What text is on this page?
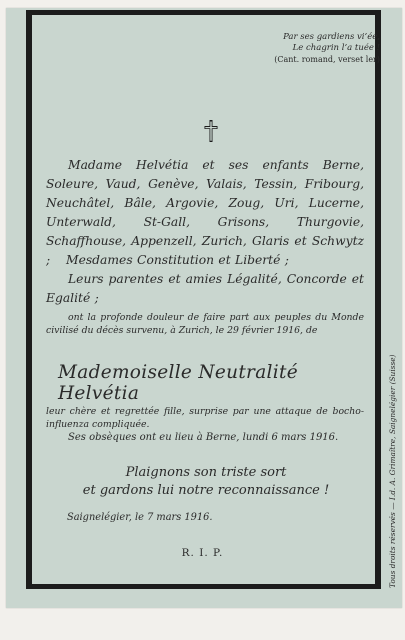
Par ses gardiens vi’ée,
Le chagrin l’a tuée !
(Cant. romand, verset ler)
Madame Helvétia et ses enfants Berne, Soleure, Vaud, Genève, Valais, Tessin, Fribourg, Neuchâtel, Bâle, Argovie, Zoug, Uri, Lucerne, Unterwald, St-Gall, Grisons, Thurgovie, Schaffhouse, Appenzell, Zurich, Glaris et Schwytz ;	Mesdames Constitution et Liberté ;
Leurs parentes et amies Légalité, Concorde et Egalité ;
ont la profonde douleur de faire part aux peuples du Monde civilisé du décès survenu, à Zurich, le 29 février 1916, de
Mademoiselle Neutralité Helvétia
leur chère et regrettée fille, surprise par une attaque de bocho-influenza compliquée.
Ses obsèques ont eu lieu à Berne, lundi 6 mars 1916.
Plaignons son triste sort
et gardons lui notre reconnaissance !
Saignelégier, le 7 mars 1916.
R. I. P.	Tous droits réservés — I.d. A. Grimaître, Saignelégier (Suisse)
